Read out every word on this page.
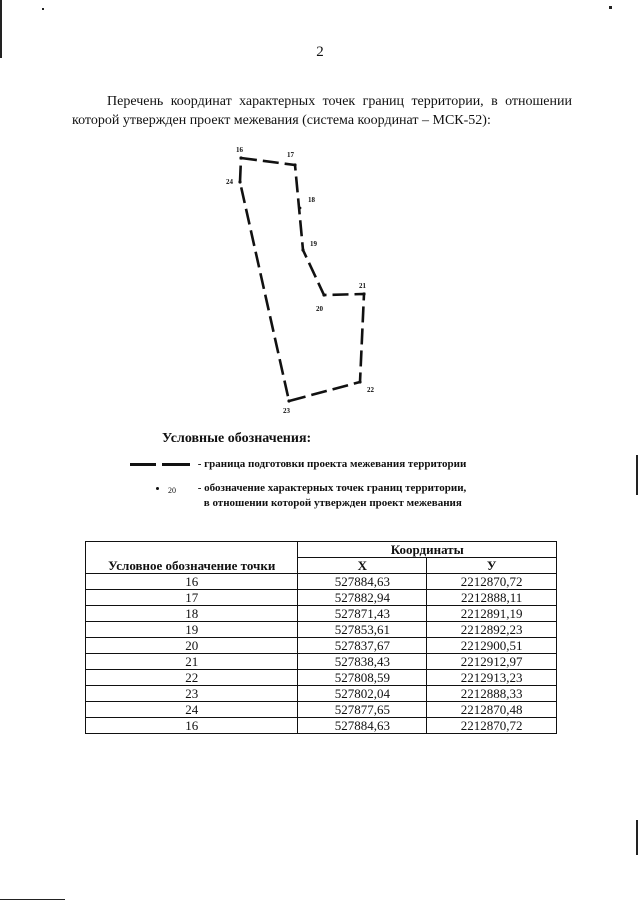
2
Перечень координат характерных точек границ территории, в отношении
которой утвержден проект межевания (система координат – МСК-52):
16
17
18
19
20
21
22
23
24
Условные обозначения:
- граница подготовки проекта межевания территории
20 - обозначение характерных точек границ территории,
в отношении которой утвержден проект межевания
Условное обозначение точки	Координаты	
	X	У
16	527884,63	2212870,72
17	527882,94	2212888,11
18	527871,43	2212891,19
19	527853,61	2212892,23
20	527837,67	2212900,51
21	527838,43	2212912,97
22	527808,59	2212913,23
23	527802,04	2212888,33
24	527877,65	2212870,48
16	527884,63	2212870,72
